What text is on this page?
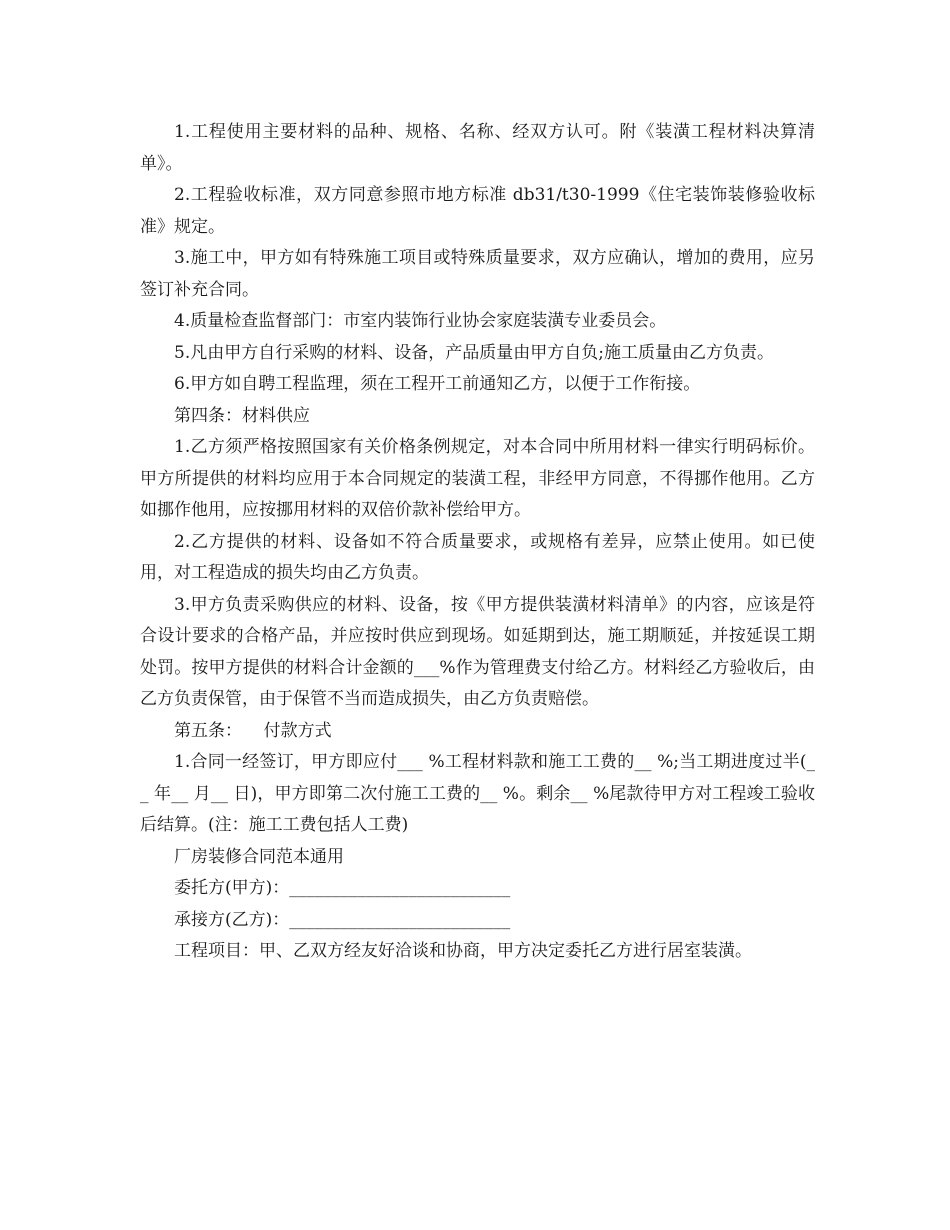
1.工程使用主要材料的品种、规格、名称、经双方认可。附《装潢工程材料决算清单》。

2.工程验收标准，双方同意参照市地方标准 db31/t30-1999《住宅装饰装修验收标准》规定。

3.施工中，甲方如有特殊施工项目或特殊质量要求，双方应确认，增加的费用，应另签订补充合同。

4.质量检查监督部门：市室内装饰行业协会家庭装潢专业委员会。

5.凡由甲方自行采购的材料、设备，产品质量由甲方自负;施工质量由乙方负责。

6.甲方如自聘工程监理，须在工程开工前通知乙方，以便于工作衔接。

第四条：材料供应

1.乙方须严格按照国家有关价格条例规定，对本合同中所用材料一律实行明码标价。甲方所提供的材料均应用于本合同规定的装潢工程，非经甲方同意，不得挪作他用。乙方如挪作他用，应按挪用材料的双倍价款补偿给甲方。

2.乙方提供的材料、设备如不符合质量要求，或规格有差异，应禁止使用。如已使用，对工程造成的损失均由乙方负责。

3.甲方负责采购供应的材料、设备，按《甲方提供装潢材料清单》的内容，应该是符合设计要求的合格产品，并应按时供应到现场。如延期到达，施工期顺延，并按延误工期处罚。按甲方提供的材料合计金额的___%作为管理费支付给乙方。材料经乙方验收后，由乙方负责保管，由于保管不当而造成损失，由乙方负责赔偿。

第五条：    付款方式

1.合同一经签订，甲方即应付___ %工程材料款和施工工费的__ %;当工期进度过半(__ 年__ 月__ 日)，甲方即第二次付施工工费的__ %。剩余__ %尾款待甲方对工程竣工验收后结算。(注：施工工费包括人工费)

厂房装修合同范本通用

委托方(甲方)：__________________________

承接方(乙方)：__________________________

工程项目：甲、乙双方经友好洽谈和协商，甲方决定委托乙方进行居室装潢。
